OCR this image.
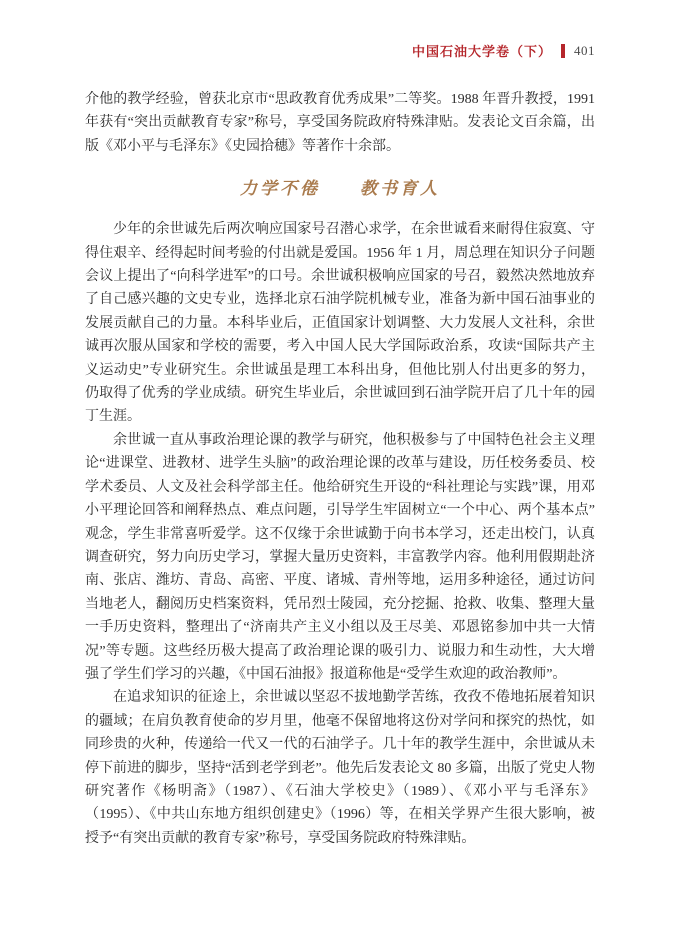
中国石油大学卷（下） 401

介他的教学经验，曾获北京市“思政教育优秀成果”二等奖。1988 年晋升教授，1991 年获有“突出贡献教育专家”称号，享受国务院政府特殊津贴。发表论文百余篇，出版《邓小平与毛泽东》《史园拾穗》等著作十余部。

力学不倦　　教书育人

少年的余世诚先后两次响应国家号召潜心求学，在余世诚看来耐得住寂寞、守得住艰辛、经得起时间考验的付出就是爱国。1956 年 1 月，周总理在知识分子问题会议上提出了“向科学进军”的口号。余世诚积极响应国家的号召，毅然决然地放弃了自己感兴趣的文史专业，选择北京石油学院机械专业，准备为新中国石油事业的发展贡献自己的力量。本科毕业后，正值国家计划调整、大力发展人文社科，余世诚再次服从国家和学校的需要，考入中国人民大学国际政治系，攻读“国际共产主义运动史”专业研究生。余世诚虽是理工本科出身，但他比别人付出更多的努力，仍取得了优秀的学业成绩。研究生毕业后，余世诚回到石油学院开启了几十年的园丁生涯。

余世诚一直从事政治理论课的教学与研究，他积极参与了中国特色社会主义理论“进课堂、进教材、进学生头脑”的政治理论课的改革与建设，历任校务委员、校学术委员、人文及社会科学部主任。他给研究生开设的“科社理论与实践”课，用邓小平理论回答和阐释热点、难点问题，引导学生牢固树立“一个中心、两个基本点”观念，学生非常喜听爱学。这不仅缘于余世诚勤于向书本学习，还走出校门，认真调查研究，努力向历史学习，掌握大量历史资料，丰富教学内容。他利用假期赴济南、张店、潍坊、青岛、高密、平度、诸城、青州等地，运用多种途径，通过访问当地老人，翻阅历史档案资料，凭吊烈士陵园，充分挖掘、抢救、收集、整理大量一手历史资料，整理出了“济南共产主义小组以及王尽美、邓恩铭参加中共一大情况”等专题。这些经历极大提高了政治理论课的吸引力、说服力和生动性，大大增强了学生们学习的兴趣，《中国石油报》报道称他是“受学生欢迎的政治教师”。

在追求知识的征途上，余世诚以坚忍不拔地勤学苦练，孜孜不倦地拓展着知识的疆域；在肩负教育使命的岁月里，他毫不保留地将这份对学问和探究的热忱，如同珍贵的火种，传递给一代又一代的石油学子。几十年的教学生涯中，余世诚从未停下前进的脚步，坚持“活到老学到老”。他先后发表论文 80 多篇，出版了党史人物研究著作《杨明斋》（1987）、《石油大学校史》（1989）、《邓小平与毛泽东》（1995）、《中共山东地方组织创建史》（1996）等，在相关学界产生很大影响，被授予“有突出贡献的教育专家”称号，享受国务院政府特殊津贴。
